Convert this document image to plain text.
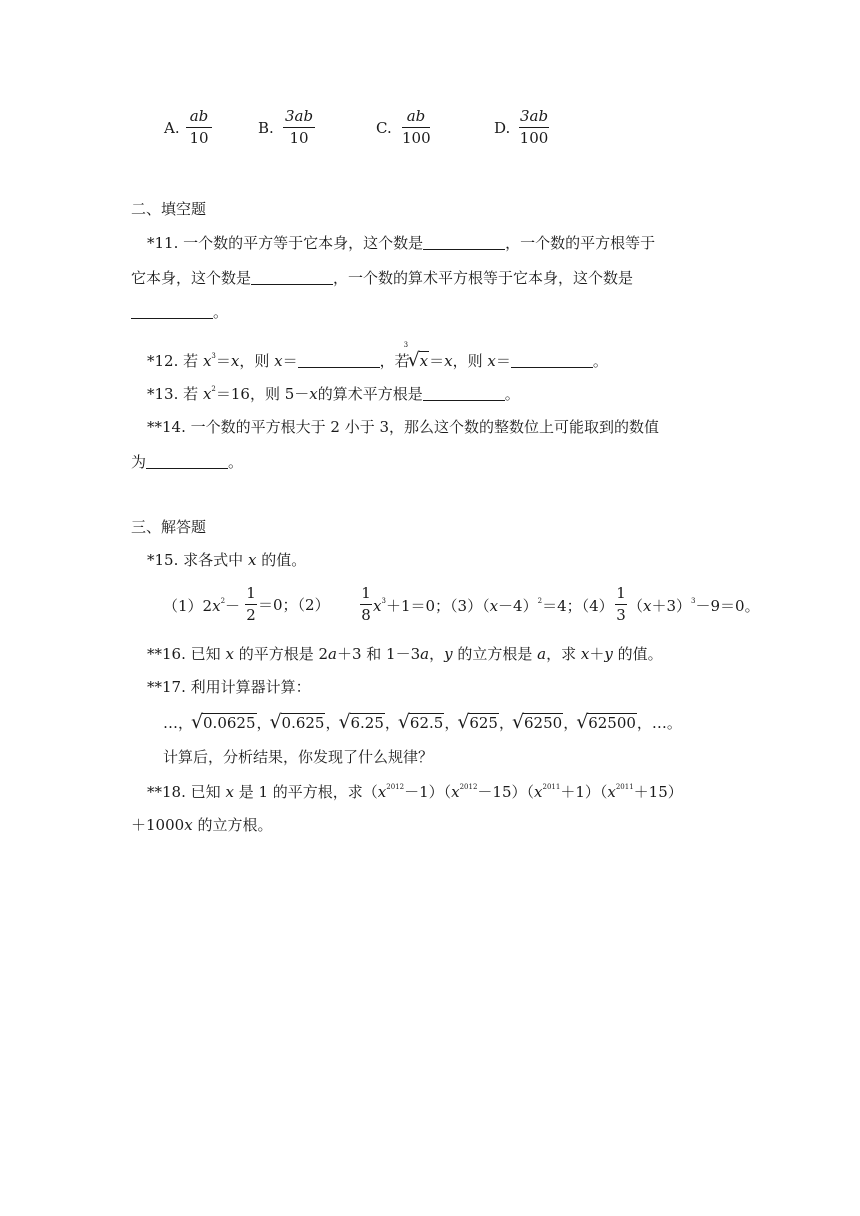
A.
ab
10
B.
3ab
10
C.
ab
100
D.
3ab
100
二、填空题
*11. 一个数的平方等于它本身，这个数是	，一个数的平方根等于
它本身，这个数是	，一个数的算术平方根等于它本身，这个数是
。
*12. 若 $x^3=x$，则 x＝	，若
√ 3
x＝x，则 x＝	。
*13. 若 $x^2=16$，则 5－x的算术平方根是	。
**14. 一个数的平方根大于 2 小于 3，那么这个数的整数位上可能取到的数值
为	。
三、解答题
*15. 求各式中 x 的值。
$(1)2x^2-$
1
2
＝0；（2）
1
8
$x^3+1=0$；$(3)(x-4)^2=4$；（4）
1
3
$(x+3)^3-9=0$。
**16. 已知 x 的平方根是 2a＋3 和 1－3a，y 的立方根是 a，求 x＋y 的值。
**17. 利用计算器计算：
…， √ 0.0625， √ 0.625， √ 6.25， √ 62.5， √ 625， √ 6250， √ 62500，…。
计算后，分析结果，你发现了什么规律？
**18. 已知 x 是 1 的平方根，求$(x^{2012}-1)(x^{2012}-15)(x^{2011}+1)(x^{2011}+15)$
＋1000x 的立方根。
